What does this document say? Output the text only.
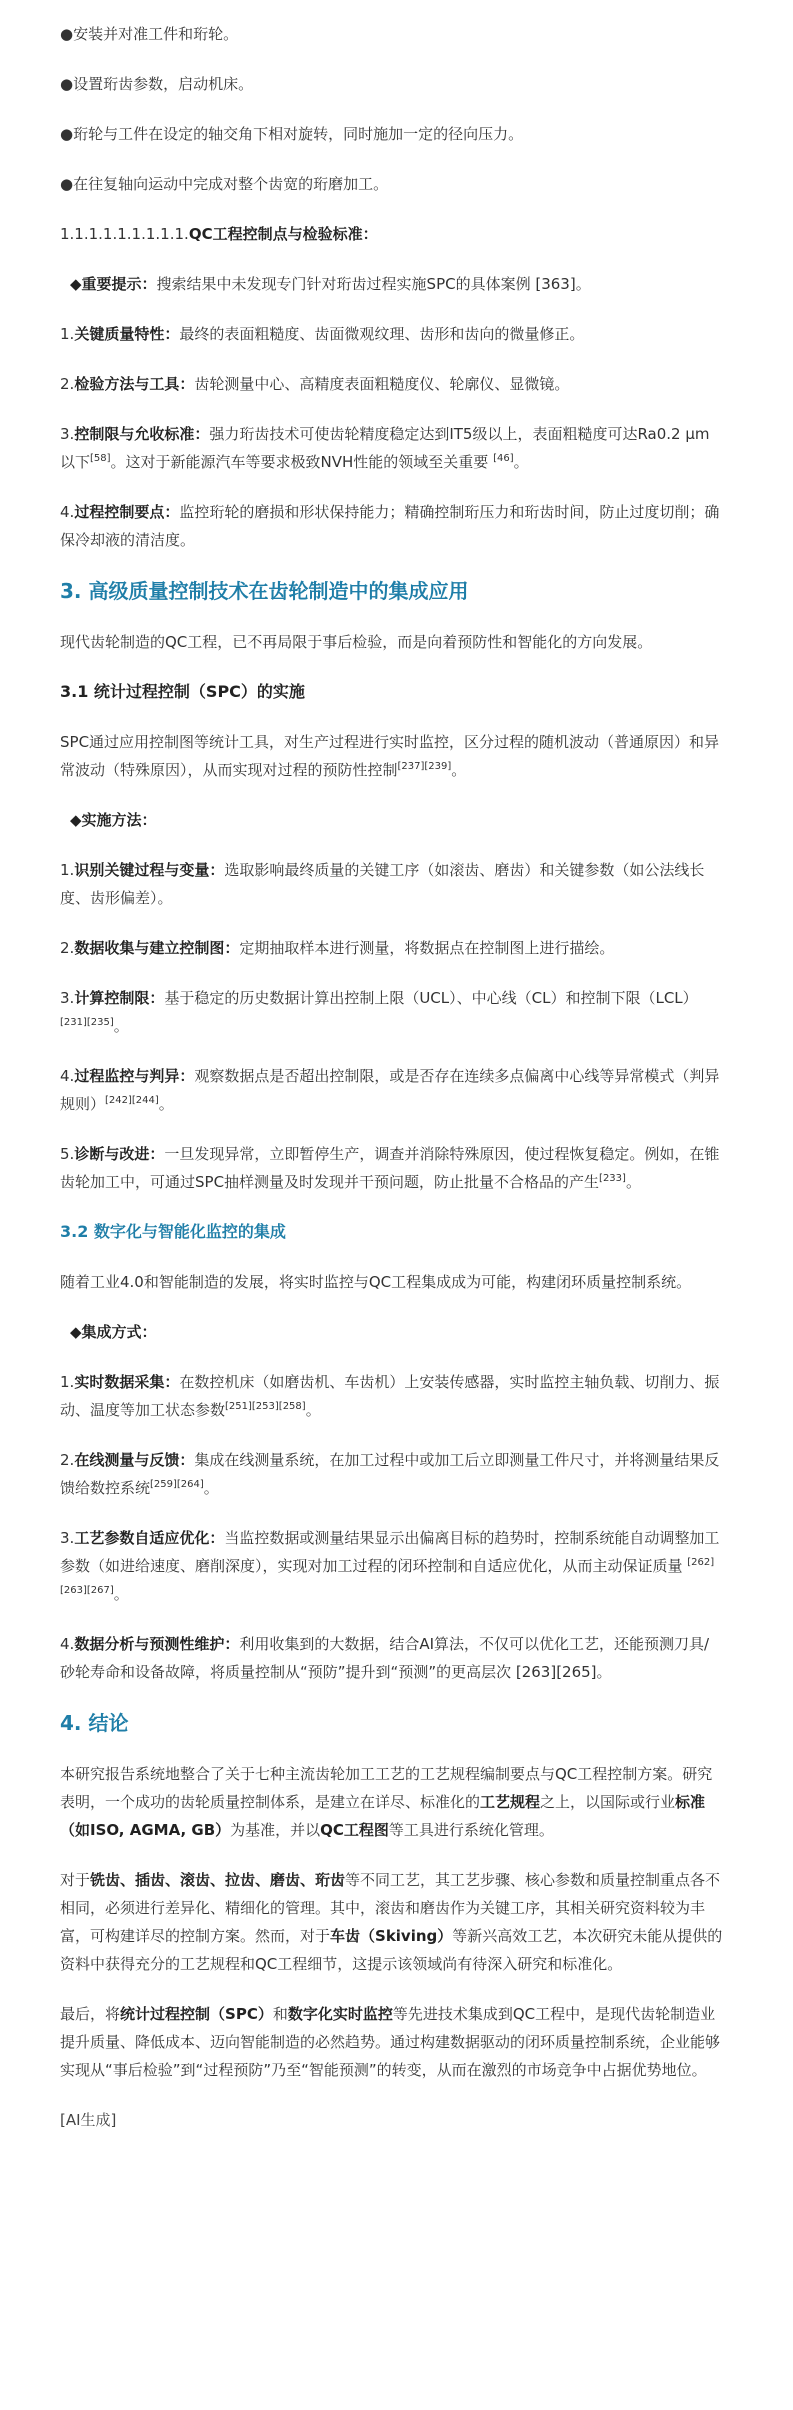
●安装并对准工件和珩轮。

●设置珩齿参数，启动机床。

●珩轮与工件在设定的轴交角下相对旋转，同时施加一定的径向压力。

●在往复轴向运动中完成对整个齿宽的珩磨加工。

1.1.1.1.1.1.1.1.1.QC工程控制点与检验标准：

◆重要提示：搜索结果中未发现专门针对珩齿过程实施SPC的具体案例 [363]。

1.关键质量特性：最终的表面粗糙度、齿面微观纹理、齿形和齿向的微量修正。

2.检验方法与工具：齿轮测量中心、高精度表面粗糙度仪、轮廓仪、显微镜。

3.控制限与允收标准：强力珩齿技术可使齿轮精度稳定达到IT5级以上，表面粗糙度可达Ra0.2 μm以下[58]。这对于新能源汽车等要求极致NVH性能的领域至关重要 [46]。

4.过程控制要点：监控珩轮的磨损和形状保持能力；精确控制珩压力和珩齿时间，防止过度切削；确保冷却液的清洁度。

3. 高级质量控制技术在齿轮制造中的集成应用

现代齿轮制造的QC工程，已不再局限于事后检验，而是向着预防性和智能化的方向发展。

3.1 统计过程控制（SPC）的实施

SPC通过应用控制图等统计工具，对生产过程进行实时监控，区分过程的随机波动（普通原因）和异常波动（特殊原因），从而实现对过程的预防性控制[237][239]。

◆实施方法：

1.识别关键过程与变量：选取影响最终质量的关键工序（如滚齿、磨齿）和关键参数（如公法线长度、齿形偏差）。

2.数据收集与建立控制图：定期抽取样本进行测量，将数据点在控制图上进行描绘。

3.计算控制限：基于稳定的历史数据计算出控制上限（UCL）、中心线（CL）和控制下限（LCL）[231][235]。

4.过程监控与判异：观察数据点是否超出控制限，或是否存在连续多点偏离中心线等异常模式（判异规则）[242][244]。

5.诊断与改进：一旦发现异常，立即暂停生产，调查并消除特殊原因，使过程恢复稳定。例如，在锥齿轮加工中，可通过SPC抽样测量及时发现并干预问题，防止批量不合格品的产生[233]。

3.2 数字化与智能化监控的集成

随着工业4.0和智能制造的发展，将实时监控与QC工程集成成为可能，构建闭环质量控制系统。

◆集成方式：

1.实时数据采集：在数控机床（如磨齿机、车齿机）上安装传感器，实时监控主轴负载、切削力、振动、温度等加工状态参数[251][253][258]。

2.在线测量与反馈：集成在线测量系统，在加工过程中或加工后立即测量工件尺寸，并将测量结果反馈给数控系统[259][264]。

3.工艺参数自适应优化：当监控数据或测量结果显示出偏离目标的趋势时，控制系统能自动调整加工参数（如进给速度、磨削深度），实现对加工过程的闭环控制和自适应优化，从而主动保证质量 [262][263][267]。

4.数据分析与预测性维护：利用收集到的大数据，结合AI算法，不仅可以优化工艺，还能预测刀具/砂轮寿命和设备故障，将质量控制从“预防”提升到“预测”的更高层次 [263][265]。

4. 结论

本研究报告系统地整合了关于七种主流齿轮加工工艺的工艺规程编制要点与QC工程控制方案。研究表明，一个成功的齿轮质量控制体系，是建立在详尽、标准化的工艺规程之上，以国际或行业标准（如ISO, AGMA, GB）为基准，并以QC工程图等工具进行系统化管理。

对于铣齿、插齿、滚齿、拉齿、磨齿、珩齿等不同工艺，其工艺步骤、核心参数和质量控制重点各不相同，必须进行差异化、精细化的管理。其中，滚齿和磨齿作为关键工序，其相关研究资料较为丰富，可构建详尽的控制方案。然而，对于车齿（Skiving）等新兴高效工艺，本次研究未能从提供的资料中获得充分的工艺规程和QC工程细节，这提示该领域尚有待深入研究和标准化。

最后，将统计过程控制（SPC）和数字化实时监控等先进技术集成到QC工程中，是现代齿轮制造业提升质量、降低成本、迈向智能制造的必然趋势。通过构建数据驱动的闭环质量控制系统，企业能够实现从“事后检验”到“过程预防”乃至“智能预测”的转变，从而在激烈的市场竞争中占据优势地位。

[AI生成]
